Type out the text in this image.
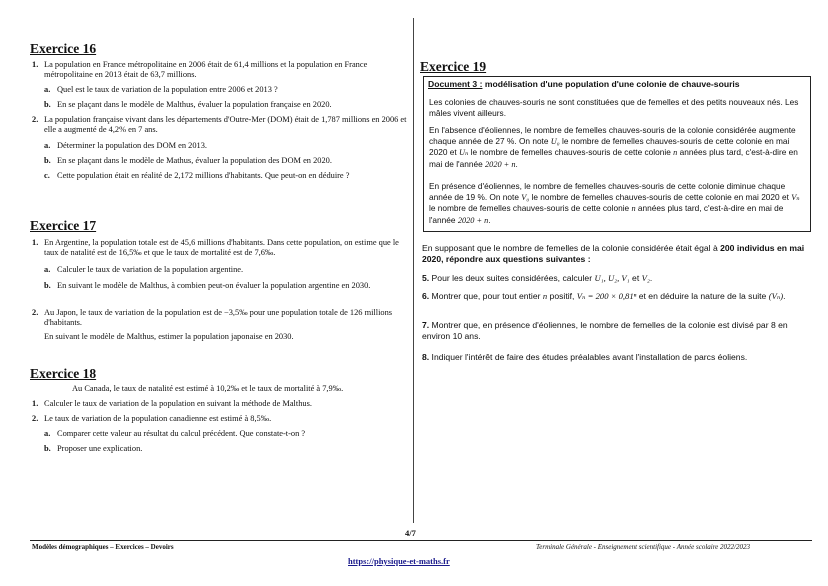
Exercice 16
1. La population en France métropolitaine en 2006 était de 61,4 millions et la population en France métropolitaine en 2013 était de 63,7 millions.
a. Quel est le taux de variation de la population entre 2006 et 2013 ?
b. En se plaçant dans le modèle de Malthus, évaluer la population française en 2020.
2. La population française vivant dans les départements d'Outre-Mer (DOM) était de 1,787 millions en 2006 et elle a augmenté de 4,2% en 7 ans.
a. Déterminer la population des DOM en 2013.
b. En se plaçant dans le modèle de Mathus, évaluer la population des DOM en 2020.
c. Cette population était en réalité de 2,172 millions d'habitants. Que peut-on en déduire ?
Exercice 17
1. En Argentine, la population totale est de 45,6 millions d'habitants. Dans cette population, on estime que le taux de natalité est de 16,5‰ et que le taux de mortalité est de 7,6‰.
a. Calculer le taux de variation de la population argentine.
b. En suivant le modèle de Malthus, à combien peut-on évaluer la population argentine en 2030.
2. Au Japon, le taux de variation de la population est de −3,5‰ pour une population totale de 126 millions d'habitants.
En suivant le modèle de Malthus, estimer la population japonaise en 2030.
Exercice 18
Au Canada, le taux de natalité est estimé à 10,2‰ et le taux de mortalité à 7,9‰.
1. Calculer le taux de variation de la population en suivant la méthode de Malthus.
2. Le taux de variation de la population canadienne est estimé à 8,5‰.
a. Comparer cette valeur au résultat du calcul précédent. Que constate-t-on ?
b. Proposer une explication.
Exercice 19
Document 3 : modélisation d'une population d'une colonie de chauve-souris
Les colonies de chauves-souris ne sont constituées que de femelles et des petits nouveaux nés. Les mâles vivent ailleurs.
En l'absence d'éoliennes, le nombre de femelles chauves-souris de la colonie considérée augmente chaque année de 27 %. On note U₀ le nombre de femelles chauves-souris de cette colonie en mai 2020 et Uₙ le nombre de femelles chauves-souris de cette colonie n années plus tard, c'est-à-dire en mai de l'année 2020 + n.
En présence d'éoliennes, le nombre de femelles chauves-souris de cette colonie diminue chaque année de 19 %. On note V₀ le nombre de femelles chauves-souris de cette colonie en mai 2020 et Vₙ le nombre de femelles chauves-souris de cette colonie n années plus tard, c'est-à-dire en mai de l'année 2020 + n.
En supposant que le nombre de femelles de la colonie considérée était égal à 200 individus en mai 2020, répondre aux questions suivantes :
5. Pour les deux suites considérées, calculer U₁, U₂, V₁ et V₂.
6. Montrer que, pour tout entier n positif, Vₙ = 200 × 0,81ⁿ et en déduire la nature de la suite (Vₙ).
7. Montrer que, en présence d'éoliennes, le nombre de femelles de la colonie est divisé par 8 en environ 10 ans.
8. Indiquer l'intérêt de faire des études préalables avant l'installation de parcs éoliens.
4/7
Modèles démographiques – Exercices – Devoirs	Terminale Générale - Enseignement scientifique - Année scolaire 2022/2023
https://physique-et-maths.fr
